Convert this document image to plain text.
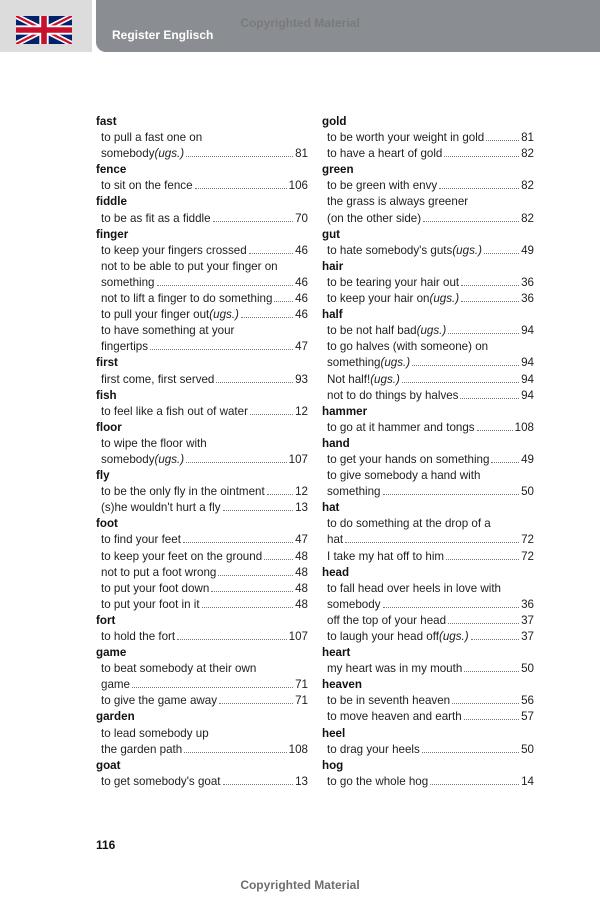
Register Englisch
Copyrighted Material
fast
to pull a fast one on
somebody (ugs.)	81
fence
to sit on the fence	106
fiddle
to be as fit as a fiddle	70
finger
to keep your fingers crossed	46
not to be able to put your finger on
something	46
not to lift a finger to do something 46
to pull your finger out (ugs.)	46
to have something at your
fingertips	47
first
first come, first served	93
fish
to feel like a fish out of water	12
floor
to wipe the floor with
somebody (ugs.)	107
fly
to be the only fly in the ointment	12
(s)he wouldn't hurt a fly	13
foot
to find your feet	47
to keep your feet on the ground	48
not to put a foot wrong	48
to put your foot down	48
to put your foot in it	48
fort
to hold the fort	107
game
to beat somebody at their own
game	71
to give the game away	71
garden
to lead somebody up
the garden path	108
goat
to get somebody's goat	13
gold
to be worth your weight in gold	81
to have a heart of gold	82
green
to be green with envy	82
the grass is always greener
(on the other side)	82
gut
to hate somebody's guts (ugs.)	49
hair
to be tearing your hair out	36
to keep your hair on (ugs.)	36
half
to be not half bad (ugs.)	94
to go halves (with someone) on
something (ugs.)	94
Not half! (ugs.)	94
not to do things by halves	94
hammer
to go at it hammer and tongs	108
hand
to get your hands on something	49
to give somebody a hand with
something	50
hat
to do something at the drop of a
hat	72
I take my hat off to him	72
head
to fall head over heels in love with
somebody	36
off the top of your head	37
to laugh your head off (ugs.)	37
heart
my heart was in my mouth	50
heaven
to be in seventh heaven	56
to move heaven and earth	57
heel
to drag your heels	50
hog
to go the whole hog	14
116
Copyrighted Material
